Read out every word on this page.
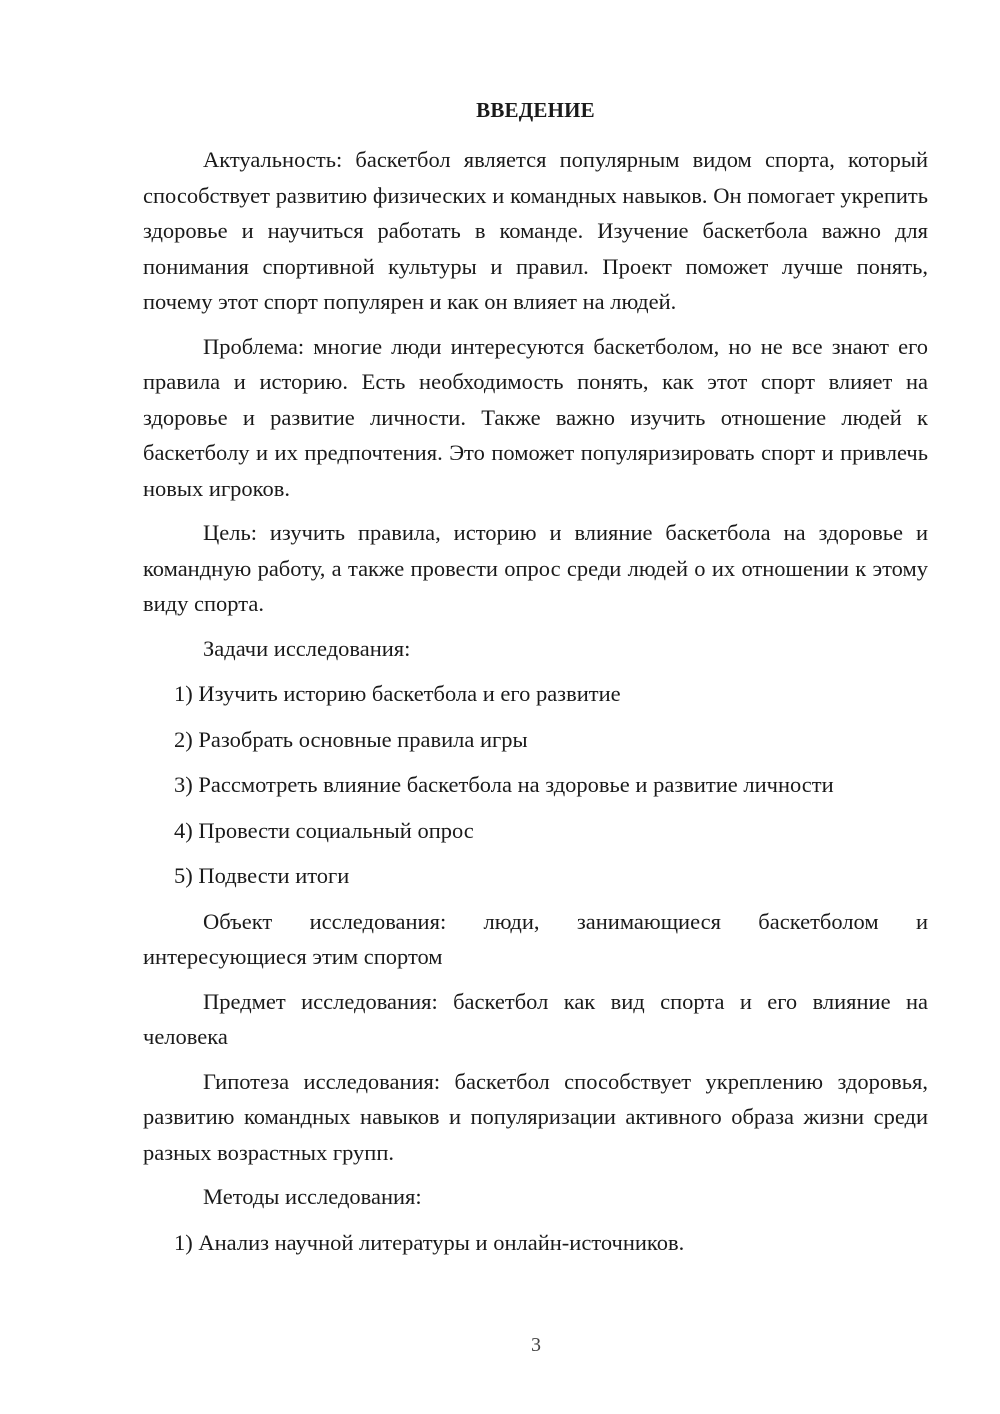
ВВЕДЕНИЕ

Актуальность: баскетбол является популярным видом спорта, который способствует развитию физических и командных навыков. Он помогает укрепить здоровье и научиться работать в команде. Изучение баскетбола важно для понимания спортивной культуры и правил. Проект поможет лучше понять, почему этот спорт популярен и как он влияет на людей.

Проблема: многие люди интересуются баскетболом, но не все знают его правила и историю. Есть необходимость понять, как этот спорт влияет на здоровье и развитие личности. Также важно изучить отношение людей к баскетболу и их предпочтения. Это поможет популяризировать спорт и привлечь новых игроков.

Цель: изучить правила, историю и влияние баскетбола на здоровье и командную работу, а также провести опрос среди людей о их отношении к этому виду спорта.

Задачи исследования:
1) Изучить историю баскетбола и его развитие
2) Разобрать основные правила игры
3) Рассмотреть влияние баскетбола на здоровье и развитие личности
4) Провести социальный опрос
5) Подвести итоги

Объект исследования: люди, занимающиеся баскетболом и интересующиеся этим спортом

Предмет исследования: баскетбол как вид спорта и его влияние на человека

Гипотеза исследования: баскетбол способствует укреплению здоровья, развитию командных навыков и популяризации активного образа жизни среди разных возрастных групп.

Методы исследования:
1) Анализ научной литературы и онлайн-источников.
3
